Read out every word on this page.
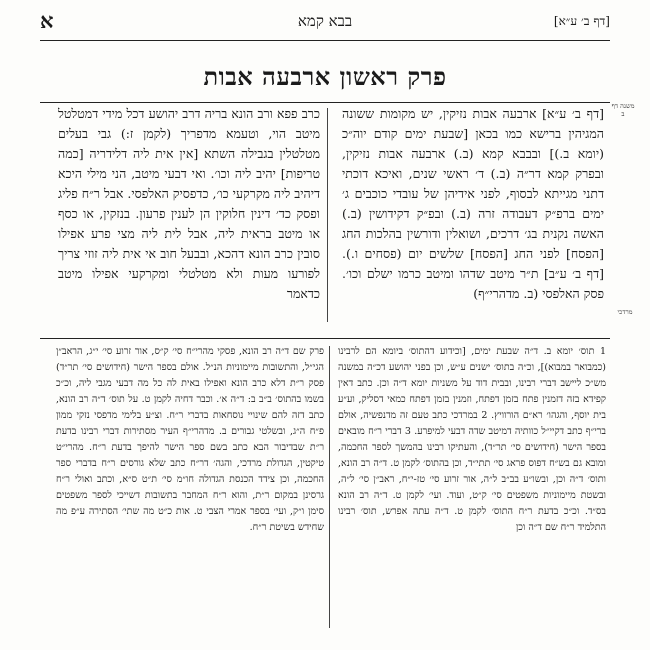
א	בבא קמא	[דף ב׳ ע״א]
פרק ראשון ארבעה אבות
משנה דף ב
מרדכי
[דף ב׳ ע״א] ארבעה אבות נזיקין, יש מקומות ששונה המגיהין ברישא כמו בכאן [שבעת ימים קודם יוה״כ (יומא ב.)] ובבבא קמא (ב.) ארבעה אבות נזיקין, ובפרק קמא דר״ה (ב.) ד׳ ראשי שנים, ואיכא דוכתי דתני מגייתא לבסוף, לפני אידיהן של עובדי כוכבים ג׳ ימים ברפ״ק דעבודה זרה (ב.) ובפ״ק דקידושין (ב.) האשה נקנית בג׳ דרכים, ושואלין ודורשין בהלכות החג [הפסח] לפני החג [הפסח] שלשים יום (פסחים ו.). [דף ב׳ ע״ב] ת״ר מיטב שדהו ומיטב כרמו ישלם וכו׳. פסק האלפסי (ב. מדהרי״ף)
כרב פפא ורב הונא בריה דרב יהושע דכל מידי דמטלטל מיטב הוי, וטעמא מדפריך (לקמן ז:) גבי בעלים מטלטלין בגבילה השתא [אין אית ליה דלידריה [כמה טריפות] יהיב ליה וכו׳. ואי דבעי מיטב, הני מילי היכא דיהיב ליה מקרקעי כו׳, כדפסיק האלפסי. אבל ר״ח פליג ופסק כד׳ דינין חלוקין הן לענין פרעון. בנזקין, או כסף או מיטב בראית ליה, אבל לית ליה מצי פרע אפילו סובין כרב הונא דהכא, ובבעל חוב אי אית ליה זוזי צריך לפורעו מעות ולא מטלטלי ומקרקעי אפילו מיטב כדאמר
1 תוס׳ יומא ב. ד״ה שבעת ימים, [וכידוע דהתוס׳ ביומא הם לרבינו (כמבואר במבוא)], וכ״ה בתוס׳ ישנים ע״ש, וכן בפני יהושע דכ״ה במשנה מש״כ ליישב דברי רבינו, ובבית דוד על משניות יומא ד״ה וכן. כתב דאין קפידא בזה דזמנין פתח בזמן דפתח, וזמנין בזמן דפתח כמאי דסליק, וע״ע בית יוסף, והגהו׳ רא״ם הורוויץ. 2 במרדכי כתב טעם זה מדנפשיה, אולם ברי״ף כתב דקיי״ל כוותיה דמיטב שדה דבעי למיפרע. 3 דברי ר״ח מובאים בספר הישר (חידושים סי׳ תר״ד), והעתיקו רבינו בהמשך לספר החכמה, ומובא גם בש״ח דפוס פראג סי׳ תתי״ד, וכן בהתוס׳ לקמן ט. ד״ה רב הונא, ותוס׳ ד״ה וכן, ובשו״ע בב״ב ל״ה, אור זרוע סי׳ טז-י״ח, ראב״ן סי׳ ל״ה, ובשטת מיימוניות משפטים סי׳ ק״ט, ועוד. ועי׳ לקמן ט. ד״ה רב הונא בס״ד. וכ״כ בדעת ר״ח התוס׳ לקמן ט. ד״ה עתה אפרש, תוס׳ רבינו התלמיד ר״ח שם ד״ה וכן
פרק שם ד״ה רב הונא, פסקי מהרי״ח סי׳ ק״ס, אור זרוע סי׳ י״ג, הראב״ן הגי״ל, והתשובות מיימוניות הנ״ל. אולם בספר הישר (חידושים סי׳ תר״ד) פסק ר״ת דלא כרב הונא ואפילו באית לה כל מה דבעי מגבי ליה, וכ״כ בשמו בהתוס׳ ב״ב ב: ד״ה א׳. וכבר דחיה לקמן ט. על תוס׳ ד״ה רב הונא, כתב דזה להם שינויי נוסחאות בדברי ר״ח. וצ״ע בלימי מדפסי נזקי ממון פ״ח ה״ג, ובשלטי גבורים ב. מדהרי״ף העיר מסתירות דברי רבינו בדעת ר״ת שבדיבור הבא כתב בשם ספר הישר להיפך בדעת ר״ח. מהרי״ט טיקטין, הגדולת מרדכי, והגה׳ דר״ח כתב שלא גורסים ר״ח בדברי ספר החכמה, וכן צידד הכנסת הגדולה חו״מ סי׳ ת״ט ס״א, וכתב ואולי ר״ח גרסינן במקום ר״ת, והוא ר״ח המחבר בתשובות דשייכי לספר משפטים סימן ו״ק, ועי׳ בספר אמרי הצבי ט. אות כ״ט מה שתי׳ הסתירה ע״פ מה שחידש בשיטת ר״ח.
